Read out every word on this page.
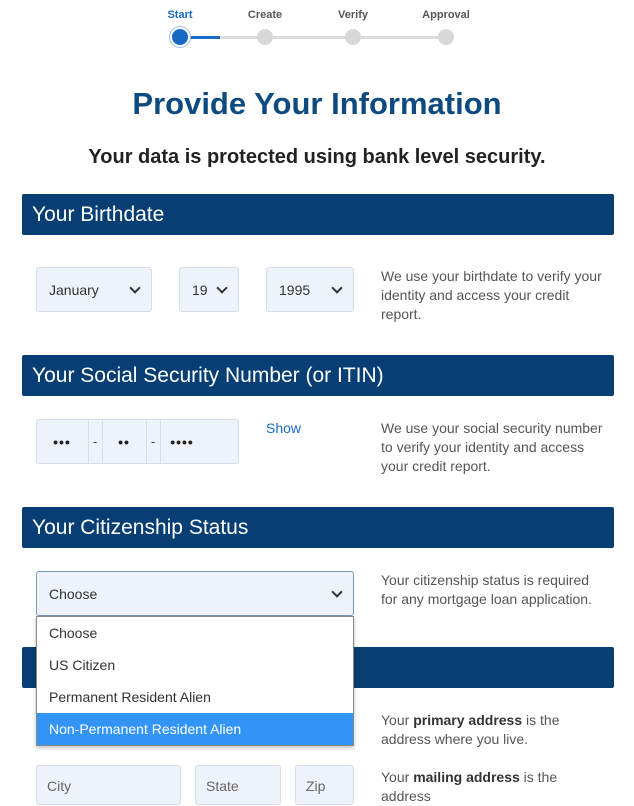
Start	Create	Verify	Approval
Provide Your Information
Your data is protected using bank level security.
Your Birthdate
January	19	1995

We use your birthdate to verify your identity and access your credit report.

Your Social Security Number (or ITIN)
•••	-	••	-	••••
Show	We use your social security number to verify your identity and access your credit report.

Your Citizenship Status
Choose

Your citizenship status is required for any mortgage loan application.

Choose
US Citizen
Permanent Resident Alien
Non-Permanent Resident Alien

Your primary address is the address where you live.

City	State	Zip

Your mailing address is the address
